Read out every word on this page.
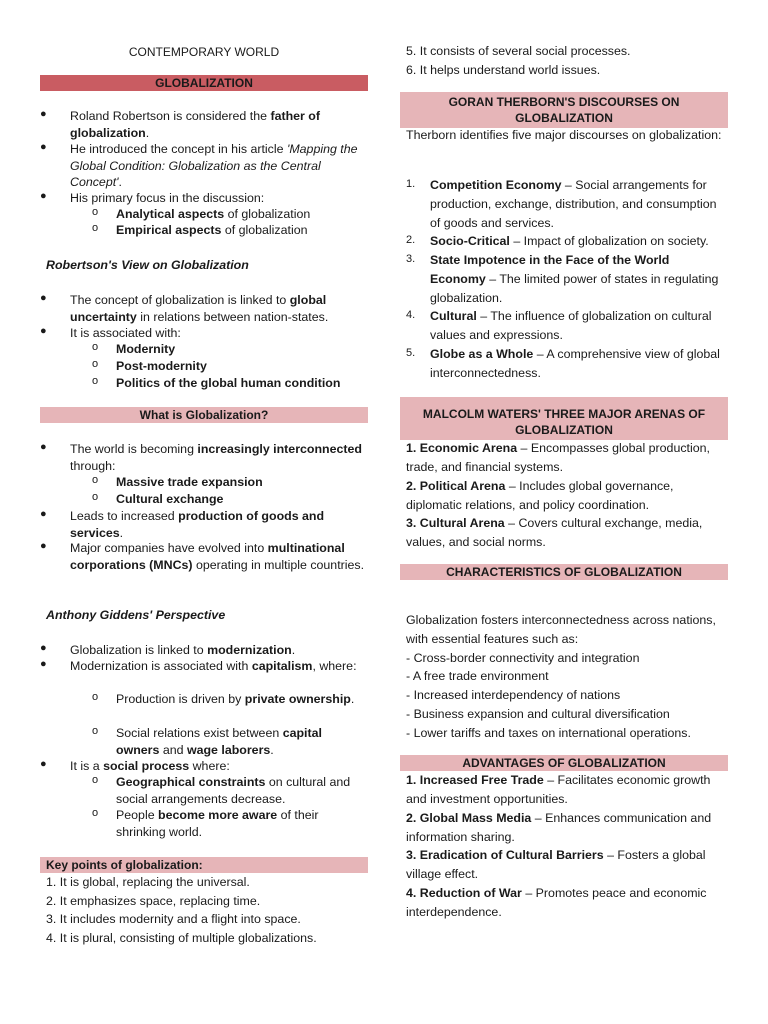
CONTEMPORARY WORLD
GLOBALIZATION
●	Roland Robertson is considered the father of globalization.
●	He introduced the concept in his article 'Mapping the Global Condition: Globalization as the Central Concept'.
●	His primary focus in the discussion:
o	Analytical aspects of globalization
o	Empirical aspects of globalization
Robertson's View on Globalization
●	The concept of globalization is linked to global uncertainty in relations between nation-states.
●	It is associated with:
o	Modernity
o	Post-modernity
o	Politics of the global human condition
What is Globalization?
●	The world is becoming increasingly interconnected through:
o	Massive trade expansion
o	Cultural exchange
●	Leads to increased production of goods and services.
●	Major companies have evolved into multinational corporations (MNCs) operating in multiple countries.
Anthony Giddens' Perspective
●	Globalization is linked to modernization.
●	Modernization is associated with capitalism, where:
o	Production is driven by private ownership.
o	Social relations exist between capital owners and wage laborers.
●	It is a social process where:
o	Geographical constraints on cultural and social arrangements decrease.
o	People become more aware of their shrinking world.
Key points of globalization:
1. It is global, replacing the universal.
2. It emphasizes space, replacing time.
3. It includes modernity and a flight into space.
4. It is plural, consisting of multiple globalizations.
5. It consists of several social processes.
6. It helps understand world issues.
GORAN THERBORN'S DISCOURSES ON GLOBALIZATION
Therborn identifies five major discourses on globalization:
1.	Competition Economy – Social arrangements for production, exchange, distribution, and consumption of goods and services.
2.	Socio-Critical – Impact of globalization on society.
3.	State Impotence in the Face of the World Economy – The limited power of states in regulating globalization.
4.	Cultural – The influence of globalization on cultural values and expressions.
5.	Globe as a Whole – A comprehensive view of global interconnectedness.
MALCOLM WATERS' THREE MAJOR ARENAS OF GLOBALIZATION
1. Economic Arena – Encompasses global production, trade, and financial systems.
2. Political Arena – Includes global governance, diplomatic relations, and policy coordination.
3. Cultural Arena – Covers cultural exchange, media, values, and social norms.
CHARACTERISTICS OF GLOBALIZATION
Globalization fosters interconnectedness across nations, with essential features such as:
- Cross-border connectivity and integration
- A free trade environment
- Increased interdependency of nations
- Business expansion and cultural diversification
- Lower tariffs and taxes on international operations.
ADVANTAGES OF GLOBALIZATION
1. Increased Free Trade – Facilitates economic growth and investment opportunities.
2. Global Mass Media – Enhances communication and information sharing.
3. Eradication of Cultural Barriers – Fosters a global village effect.
4. Reduction of War – Promotes peace and economic interdependence.
